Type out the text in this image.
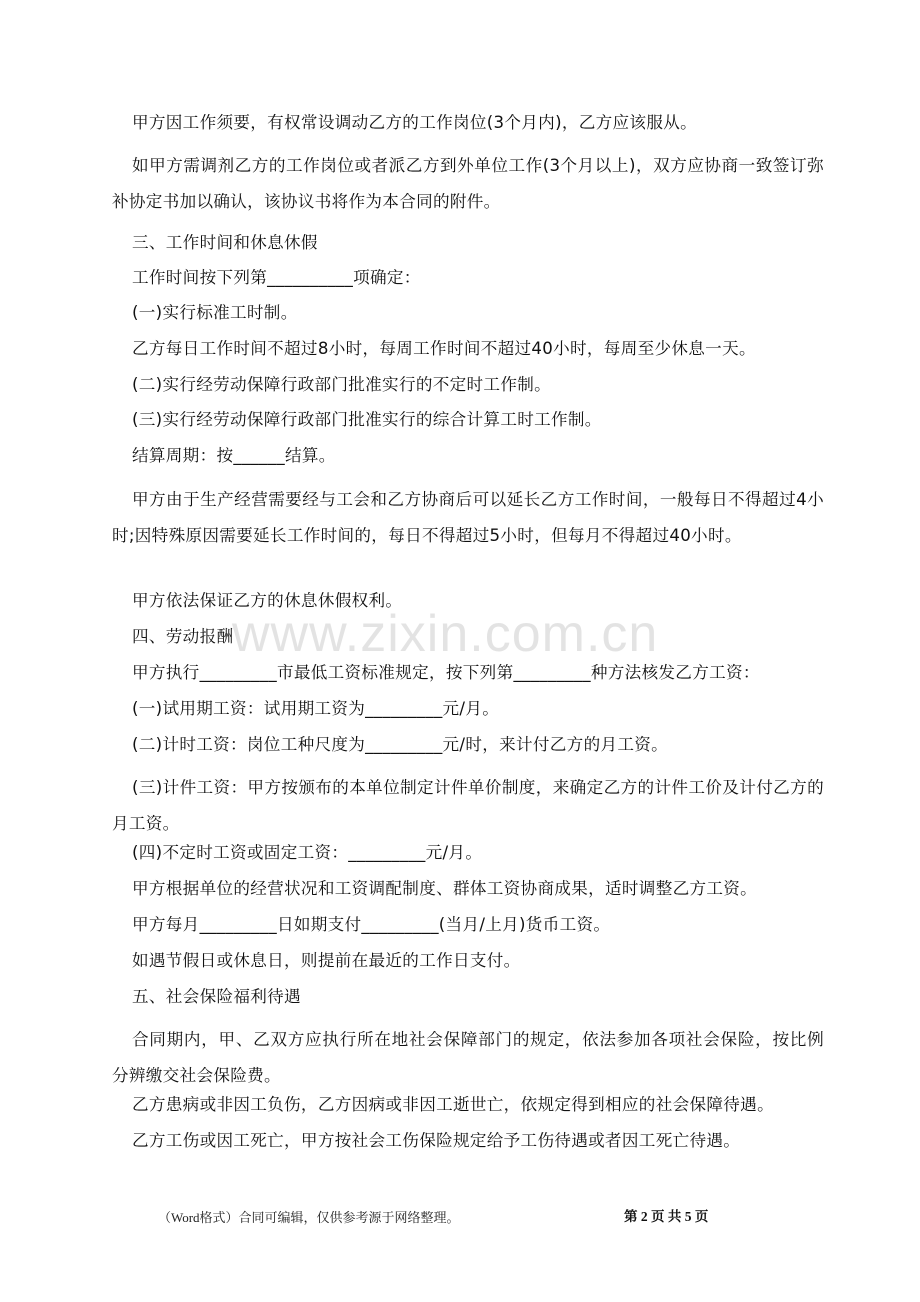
甲方因工作须要，有权常设调动乙方的工作岗位(3个月内)，乙方应该服从。

如甲方需调剂乙方的工作岗位或者派乙方到外单位工作(3个月以上)，双方应协商一致签订弥补协定书加以确认，该协议书将作为本合同的附件。

三、工作时间和休息休假

工作时间按下列第__________项确定：

(一)实行标准工时制。

乙方每日工作时间不超过8小时，每周工作时间不超过40小时，每周至少休息一天。

(二)实行经劳动保障行政部门批准实行的不定时工作制。

(三)实行经劳动保障行政部门批准实行的综合计算工时工作制。

结算周期：按______结算。

甲方由于生产经营需要经与工会和乙方协商后可以延长乙方工作时间，一般每日不得超过4小时;因特殊原因需要延长工作时间的，每日不得超过5小时，但每月不得超过40小时。

甲方依法保证乙方的休息休假权利。

四、劳动报酬

甲方执行_________市最低工资标准规定，按下列第_________种方法核发乙方工资：

(一)试用期工资：试用期工资为_________元/月。

(二)计时工资：岗位工种尺度为_________元/时，来计付乙方的月工资。

(三)计件工资：甲方按颁布的本单位制定计件单价制度，来确定乙方的计件工价及计付乙方的月工资。

(四)不定时工资或固定工资：_________元/月。

甲方根据单位的经营状况和工资调配制度、群体工资协商成果，适时调整乙方工资。

甲方每月_________日如期支付_________(当月/上月)货币工资。

如遇节假日或休息日，则提前在最近的工作日支付。

五、社会保险福利待遇

合同期内，甲、乙双方应执行所在地社会保障部门的规定，依法参加各项社会保险，按比例分辨缴交社会保险费。

乙方患病或非因工负伤，乙方因病或非因工逝世亡，依规定得到相应的社会保障待遇。

乙方工伤或因工死亡，甲方按社会工伤保险规定给予工伤待遇或者因工死亡待遇。

www.zixin.com.cn
（Word格式）合同可编辑，仅供参考源于网络整理。	第 2 页 共 5 页
